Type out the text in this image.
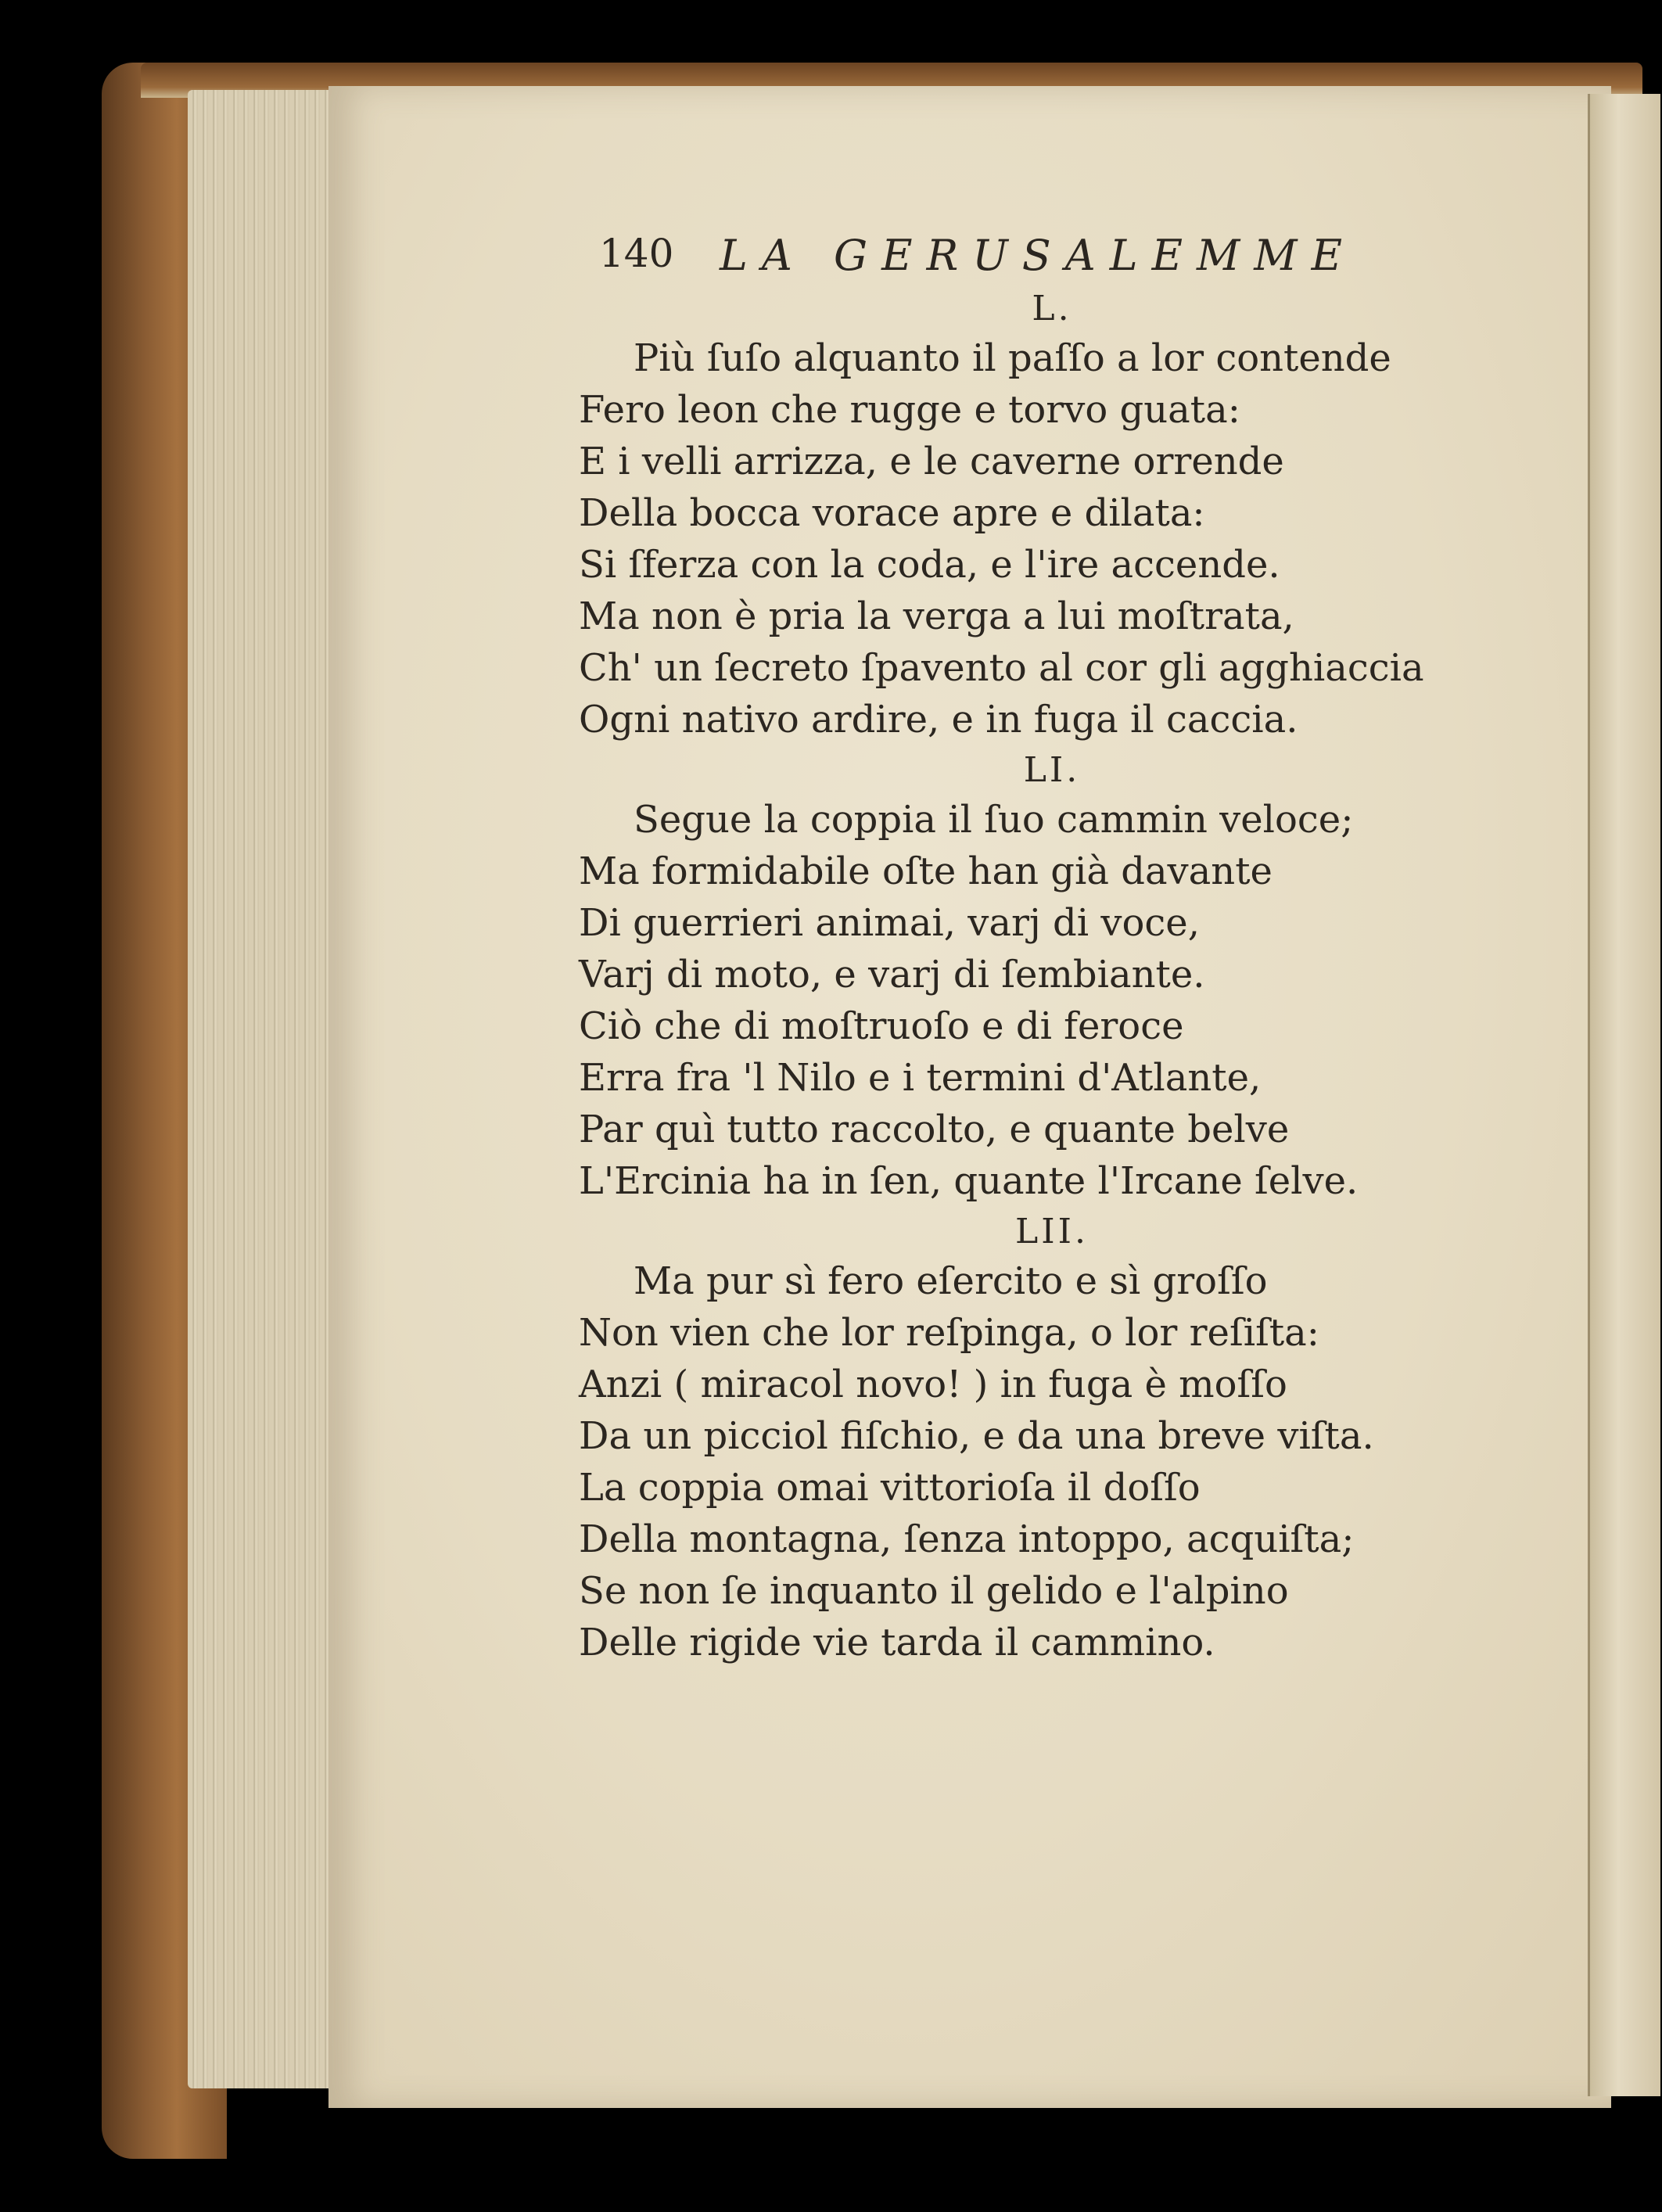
140 LA GERUSALEMME
L.
Più ſuſo alquanto il paſſo a lor contende
Fero leon che rugge e torvo guata:
E i velli arrizza, e le caverne orrende
Della bocca vorace apre e dilata:
Si ſferza con la coda, e l'ire accende.
Ma non è pria la verga a lui moſtrata,
Ch' un ſecreto ſpavento al cor gli agghiaccia
Ogni nativo ardire, e in fuga il caccia.
LI.
Segue la coppia il ſuo cammin veloce;
Ma formidabile oſte han già davante
Di guerrieri animai, varj di voce,
Varj di moto, e varj di ſembiante.
Ciò che di moſtruoſo e di feroce
Erra fra 'l Nilo e i termini d'Atlante,
Par quì tutto raccolto, e quante belve
L'Ercinia ha in ſen, quante l'Ircane ſelve.
LII.
Ma pur sì fero eſercito e sì groſſo
Non vien che lor reſpinga, o lor reſiſta:
Anzi ( miracol novo! ) in fuga è moſſo
Da un picciol fiſchio, e da una breve viſta.
La coppia omai vittorioſa il doſſo
Della montagna, ſenza intoppo, acquiſta;
Se non ſe inquanto il gelido e l'alpino
Delle rigide vie tarda il cammino.
